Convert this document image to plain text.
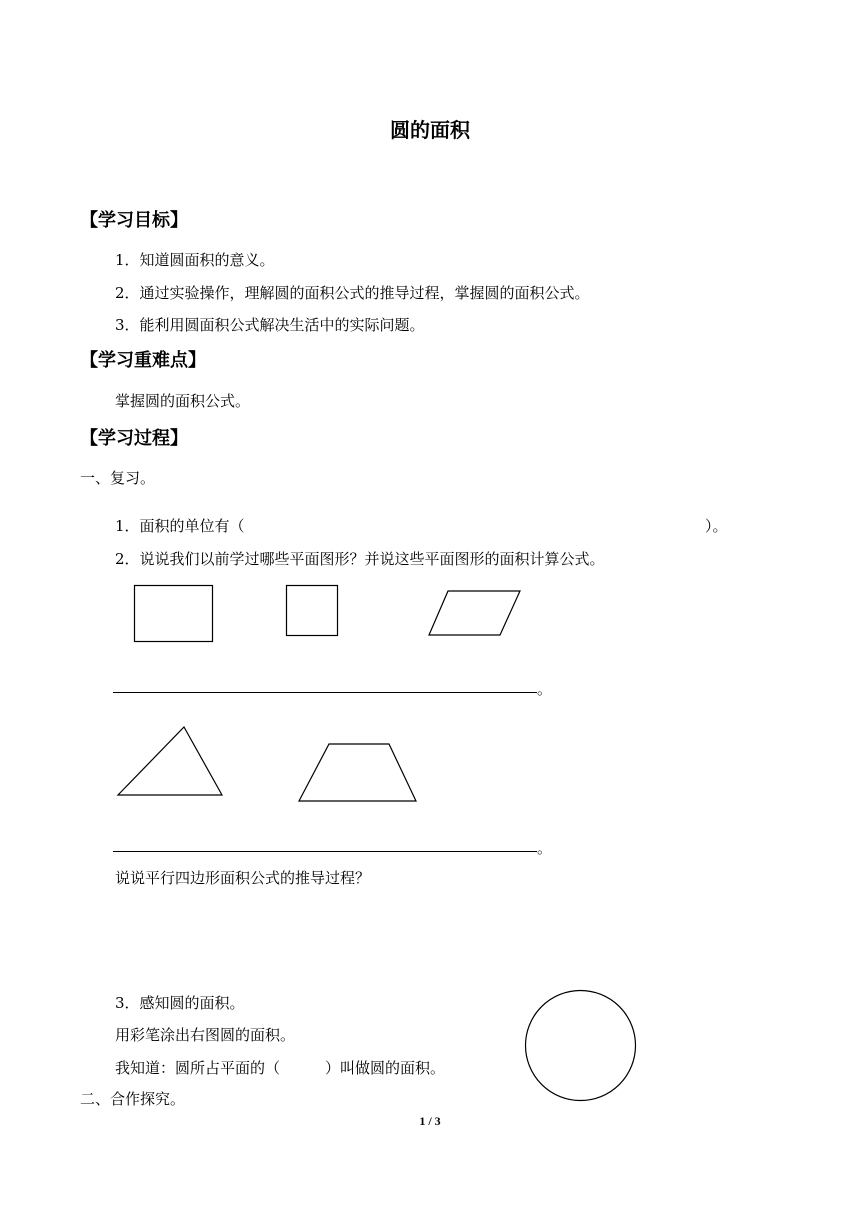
圆的面积
【学习目标】
1．知道圆面积的意义。
2．通过实验操作，理解圆的面积公式的推导过程，掌握圆的面积公式。
3．能利用圆面积公式解决生活中的实际问题。
【学习重难点】
掌握圆的面积公式。
【学习过程】
一、复习。
1．面积的单位有（	）。
2．说说我们以前学过哪些平面图形？并说这些平面图形的面积计算公式。
。
。
说说平行四边形面积公式的推导过程？
3．感知圆的面积。
用彩笔涂出右图圆的面积。
我知道：圆所占平面的（　　　）叫做圆的面积。
二、合作探究。
1 / 3
